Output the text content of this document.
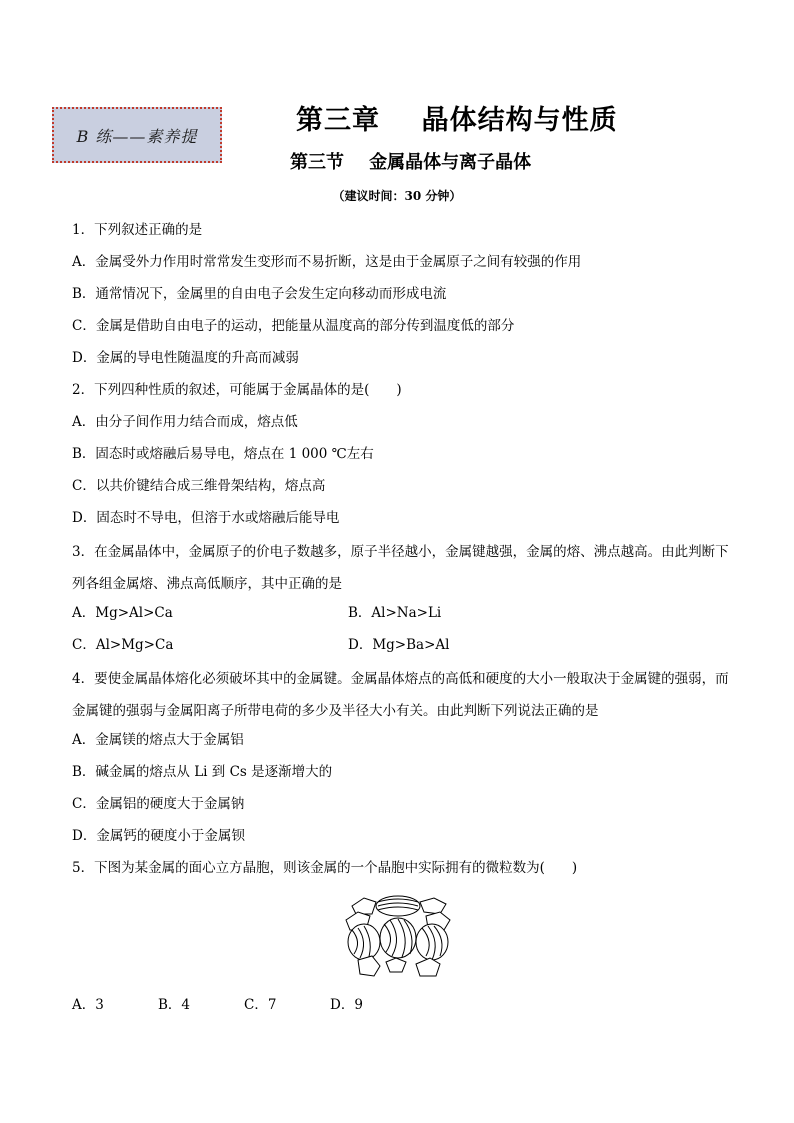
B 练——素养提	第三章    晶体结构与性质
第三节    金属晶体与离子晶体
（建议时间：30 分钟）
1．下列叙述正确的是
A．金属受外力作用时常常发生变形而不易折断，这是由于金属原子之间有较强的作用
B．通常情况下，金属里的自由电子会发生定向移动而形成电流
C．金属是借助自由电子的运动，把能量从温度高的部分传到温度低的部分
D．金属的导电性随温度的升高而减弱
2．下列四种性质的叙述，可能属于金属晶体的是(　　)
A．由分子间作用力结合而成，熔点低
B．固态时或熔融后易导电，熔点在 1 000 ℃左右
C．以共价键结合成三维骨架结构，熔点高
D．固态时不导电，但溶于水或熔融后能导电
3．在金属晶体中，金属原子的价电子数越多，原子半径越小，金属键越强，金属的熔、沸点越高。由此判断下列各组金属熔、沸点高低顺序，其中正确的是
A．Mg>Al>Ca	B．Al>Na>Li
C．Al>Mg>Ca	D．Mg>Ba>Al
4．要使金属晶体熔化必须破坏其中的金属键。金属晶体熔点的高低和硬度的大小一般取决于金属键的强弱，而金属键的强弱与金属阳离子所带电荷的多少及半径大小有关。由此判断下列说法正确的是
A．金属镁的熔点大于金属铝
B．碱金属的熔点从 Li 到 Cs 是逐渐增大的
C．金属铝的硬度大于金属钠
D．金属钙的硬度小于金属钡
5．下图为某金属的面心立方晶胞，则该金属的一个晶胞中实际拥有的微粒数为(　　)
A．3	B．4	C．7	D．9
